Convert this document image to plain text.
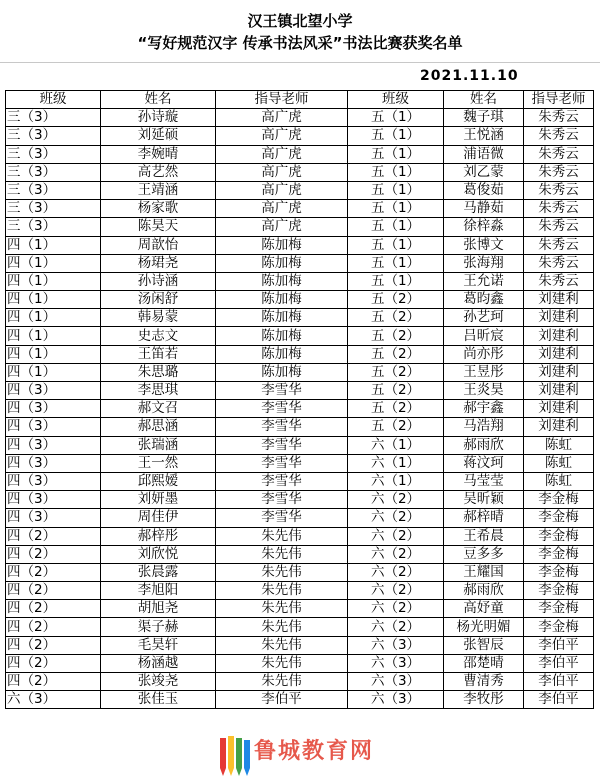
汉王镇北望小学
“写好规范汉字 传承书法风采”书法比赛获奖名单
2021.11.10
班级	姓名	指导老师	班级	姓名	指导老师
三（3）	孙诗璇	高广虎	五（1）	魏子琪	朱秀云
三（3）	刘延硕	高广虎	五（1）	王悦涵	朱秀云
三（3）	李婉晴	高广虎	五（1）	浦语微	朱秀云
三（3）	高艺然	高广虎	五（1）	刘乙蒙	朱秀云
三（3）	王靖涵	高广虎	五（1）	葛俊茹	朱秀云
三（3）	杨家歌	高广虎	五（1）	马静茹	朱秀云
三（3）	陈昊天	高广虎	五（1）	徐梓淼	朱秀云
四（1）	周歆怡	陈加梅	五（1）	张博文	朱秀云
四（1）	杨珺尧	陈加梅	五（1）	张海翔	朱秀云
四（1）	孙诗涵	陈加梅	五（1）	王允诺	朱秀云
四（1）	汤闲舒	陈加梅	五（2）	葛昀鑫	刘建利
四（1）	韩易蒙	陈加梅	五（2）	孙艺珂	刘建利
四（1）	史志文	陈加梅	五（2）	吕昕宸	刘建利
四（1）	王笛若	陈加梅	五（2）	尚亦彤	刘建利
四（1）	朱思璐	陈加梅	五（2）	王昱彤	刘建利
四（3）	李思琪	李雪华	五（2）	王炎昊	刘建利
四（3）	郝文召	李雪华	五（2）	郝宇鑫	刘建利
四（3）	郝思涵	李雪华	五（2）	马浩翔	刘建利
四（3）	张瑞涵	李雪华	六（1）	郝雨欣	陈虹
四（3）	王一然	李雪华	六（1）	蒋汶珂	陈虹
四（3）	邱熙嫒	李雪华	六（1）	马莹莹	陈虹
四（3）	刘妍墨	李雪华	六（2）	吴昕颖	李金梅
四（3）	周佳伊	李雪华	六（2）	郝梓晴	李金梅
四（2）	郝梓彤	朱先伟	六（2）	王希晨	李金梅
四（2）	刘欣悦	朱先伟	六（2）	豆多多	李金梅
四（2）	张晨露	朱先伟	六（2）	王耀国	李金梅
四（2）	李旭阳	朱先伟	六（2）	郝雨欣	李金梅
四（2）	胡旭尧	朱先伟	六（2）	高妤童	李金梅
四（2）	渠子赫	朱先伟	六（2）	杨光明媚	李金梅
四（2）	毛昊轩	朱先伟	六（3）	张智辰	李伯平
四（2）	杨涵越	朱先伟	六（3）	邵楚晴	李伯平
四（2）	张竣尧	朱先伟	六（3）	曹清秀	李伯平
六（3）	张佳玉	李伯平	六（3）	李牧彤	李伯平
鲁城教育网
